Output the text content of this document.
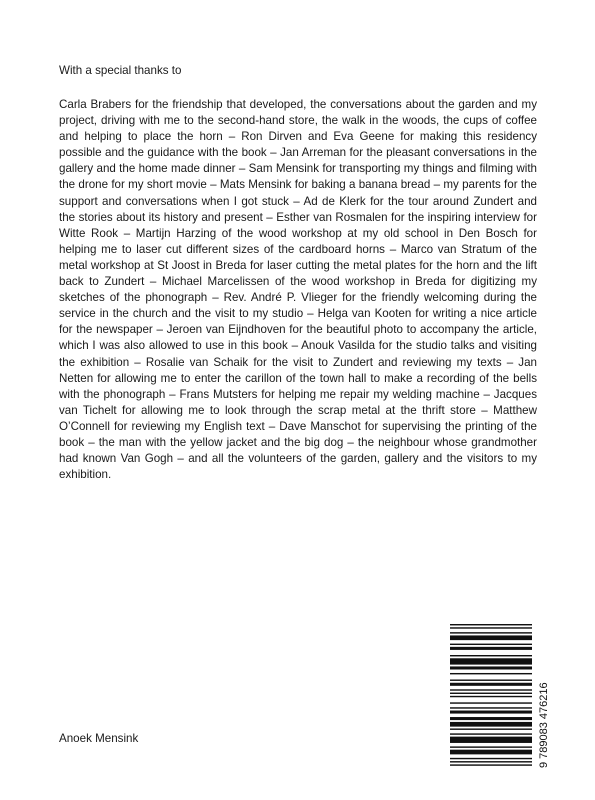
With a special thanks to

Carla Brabers for the friendship that developed, the conversations about the garden and my project, driving with me to the second-hand store, the walk in the woods, the cups of coffee and helping to place the horn – Ron Dirven and Eva Geene for making this residency possible and the guidance with the book – Jan Arreman for the pleasant conversations in the gallery and the home made dinner – Sam Mensink for transporting my things and filming with the drone for my short movie – Mats Mensink for baking a banana bread – my parents for the support and conversations when I got stuck – Ad de Klerk for the tour around Zundert and the stories about its history and present – Esther van Rosmalen for the inspiring interview for Witte Rook – Martijn Harzing of the wood workshop at my old school in Den Bosch for helping me to laser cut different sizes of the cardboard horns – Marco van Stratum of the metal workshop at St Joost in Breda for laser cutting the metal plates for the horn and the lift back to Zundert – Michael Marcelissen of the wood workshop in Breda for digitizing my sketches of the phonograph – Rev. André P. Vlieger for the friendly welcoming during the service in the church and the visit to my studio – Helga van Kooten for writing a nice article for the newspaper – Jeroen van Eijndhoven for the beautiful photo to accompany the article, which I was also allowed to use in this book – Anouk Vasilda for the studio talks and visiting the exhibition – Rosalie van Schaik for the visit to Zundert and reviewing my texts – Jan Netten for allowing me to enter the carillon of the town hall to make a recording of the bells with the phonograph – Frans Mutsters for helping me repair my welding machine – Jacques van Tichelt for allowing me to look through the scrap metal at the thrift store – Matthew O’Connell for reviewing my English text – Dave Manschot for supervising the printing of the book – the man with the yellow jacket and the big dog – the neighbour whose grandmother had known Van Gogh – and all the volunteers of the garden, gallery and the visitors to my exhibition.

Anoek Mensink	9 789083 476216
